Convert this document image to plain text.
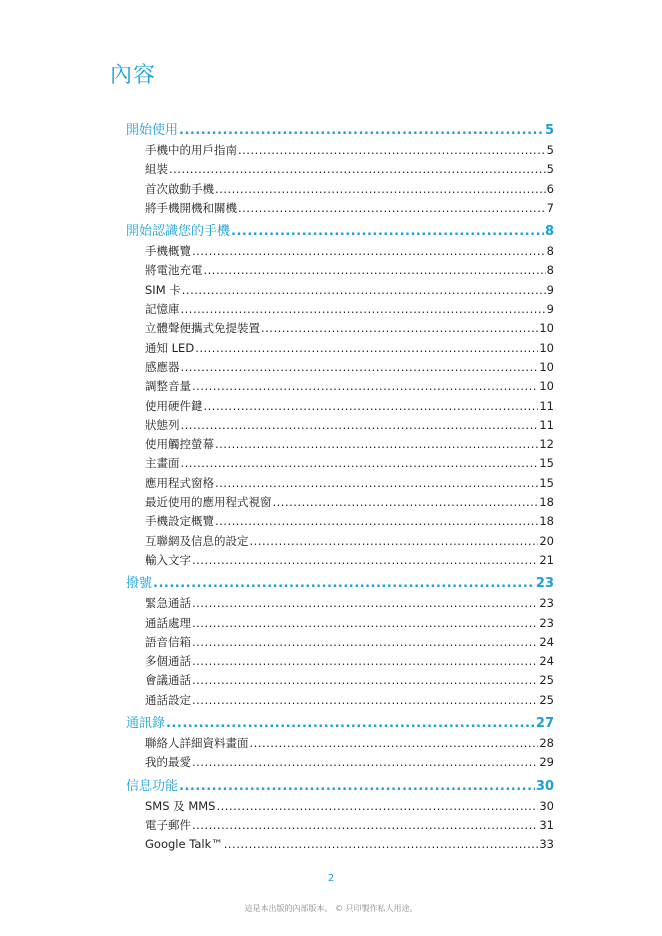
內容
開始使用 .....	5
手機中的用戶指南 .....	5
組裝 .....	5
首次啟動手機 .....	6
將手機開機和關機 .....	7
開始認識您的手機 .....	8
手機概覽 .....	8
將電池充電 .....	8
SIM 卡 .....	9
記憶庫 .....	9
立體聲便攜式免提裝置 .....	10
通知 LED .....	10
感應器 .....	10
調整音量 .....	10
使用硬件鍵 .....	11
狀態列 .....	11
使用觸控螢幕 .....	12
主畫面 .....	15
應用程式窗格 .....	15
最近使用的應用程式視窗 .....	18
手機設定概覽 .....	18
互聯網及信息的設定 .....	20
輸入文字 .....	21
撥號 .....	23
緊急通話 .....	23
通話處理 .....	23
語音信箱 .....	24
多個通話 .....	24
會議通話 .....	25
通話設定 .....	25
通訊錄 .....	27
聯絡人詳細資料畫面 .....	28
我的最愛 .....	29
信息功能 .....	30
SMS 及 MMS .....	30
電子郵件 .....	31
Google Talk™ .....	33
2
這是本出版的內部版本。 © 只印製作私人用途。
